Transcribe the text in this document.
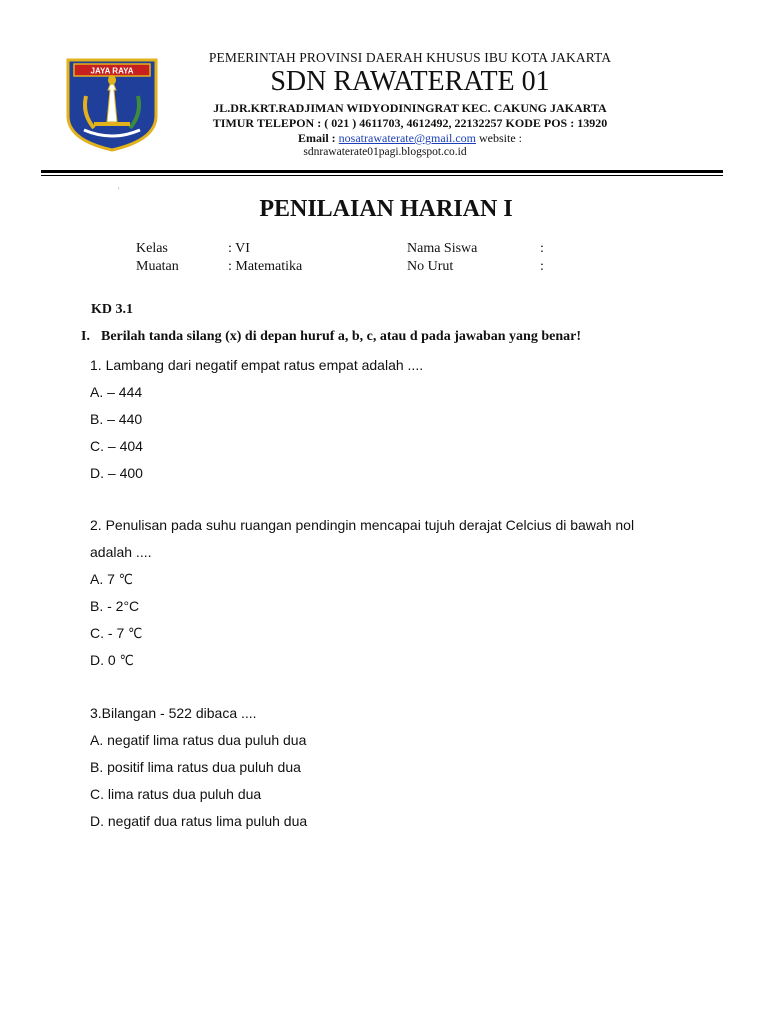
JAYA RAYA
PEMERINTAH PROVINSI DAERAH KHUSUS IBU KOTA JAKARTA
SDN RAWATERATE 01
JL.DR.KRT.RADJIMAN WIDYODININGRAT KEC. CAKUNG JAKARTA
TIMUR TELEPON : ( 021 ) 4611703, 4612492, 22132257 KODE POS : 13920
Email : nosatrawaterate@gmail.com website :
sdnrawaterate01pagi.blogspot.co.id
'
PENILAIAN HARIAN I
Kelas	: VI
Muatan	: Matematika
Nama Siswa	:
No Urut	:
KD 3.1
I. Berilah tanda silang (x) di depan huruf a, b, c, atau d pada jawaban yang benar!
1. Lambang dari negatif empat ratus empat adalah ....
A. – 444
B. – 440
C. – 404
D. – 400
2. Penulisan pada suhu ruangan pendingin mencapai tujuh derajat Celcius di bawah nol
adalah ....
A. 7 ℃
B. - 2°C
C. - 7 ℃
D. 0 ℃
3.Bilangan - 522 dibaca ....
A. negatif lima ratus dua puluh dua
B. positif lima ratus dua puluh dua
C. lima ratus dua puluh dua
D. negatif dua ratus lima puluh dua
